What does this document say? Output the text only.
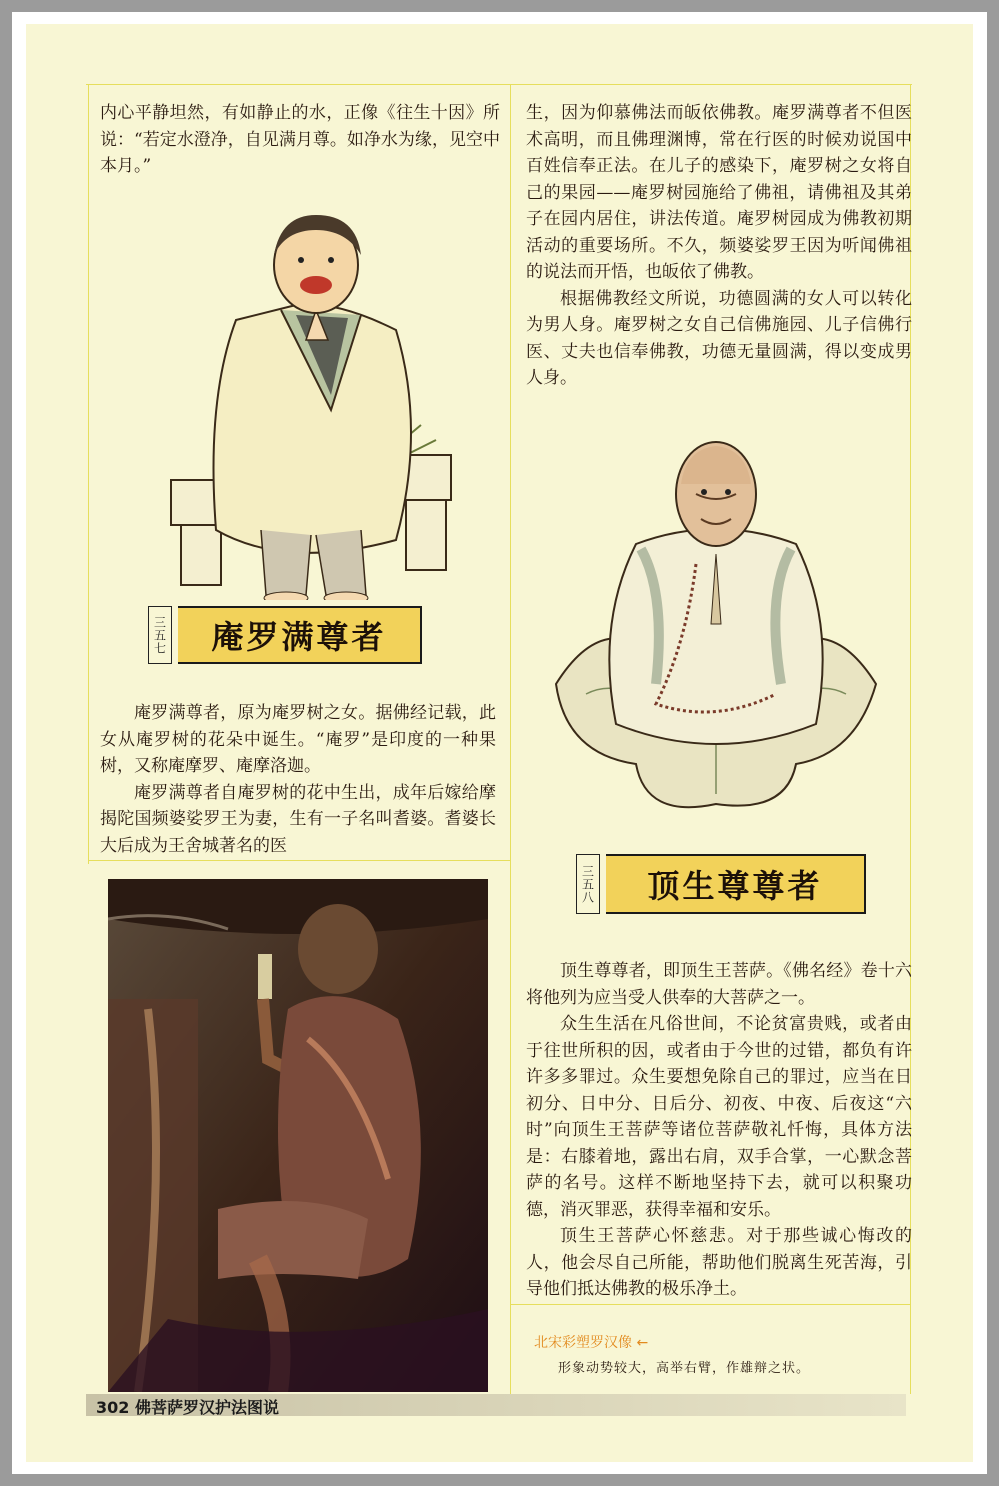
内心平静坦然，有如静止的水，正像《往生十因》所说：“若定水澄净，自见满月尊。如净水为缘，见空中本月。”

三五七	庵罗满尊者

庵罗满尊者，原为庵罗树之女。据佛经记载，此女从庵罗树的花朵中诞生。“庵罗”是印度的一种果树，又称庵摩罗、庵摩洛迦。

庵罗满尊者自庵罗树的花中生出，成年后嫁给摩揭陀国频婆娑罗王为妻，生有一子名叫耆婆。耆婆长大后成为王舍城著名的医

生，因为仰慕佛法而皈依佛教。庵罗满尊者不但医术高明，而且佛理渊博，常在行医的时候劝说国中百姓信奉正法。在儿子的感染下，庵罗树之女将自己的果园——庵罗树园施给了佛祖，请佛祖及其弟子在园内居住，讲法传道。庵罗树园成为佛教初期活动的重要场所。不久，频婆娑罗王因为听闻佛祖的说法而开悟，也皈依了佛教。

根据佛教经文所说，功德圆满的女人可以转化为男人身。庵罗树之女自己信佛施园、儿子信佛行医、丈夫也信奉佛教，功德无量圆满，得以变成男人身。

三五八	顶生尊尊者

顶生尊尊者，即顶生王菩萨。《佛名经》卷十六将他列为应当受人供奉的大菩萨之一。

众生生活在凡俗世间，不论贫富贵贱，或者由于往世所积的因，或者由于今世的过错，都负有许许多多罪过。众生要想免除自己的罪过，应当在日初分、日中分、日后分、初夜、中夜、后夜这“六时”向顶生王菩萨等诸位菩萨敬礼忏悔，具体方法是：右膝着地，露出右肩，双手合掌，一心默念菩萨的名号。这样不断地坚持下去，就可以积聚功德，消灭罪恶，获得幸福和安乐。

顶生王菩萨心怀慈悲。对于那些诚心悔改的人，他会尽自己所能，帮助他们脱离生死苦海，引导他们抵达佛教的极乐净土。

北宋彩塑罗汉像 ←
形象动势较大，高举右臂，作雄辩之状。
302 佛菩萨罗汉护法图说
